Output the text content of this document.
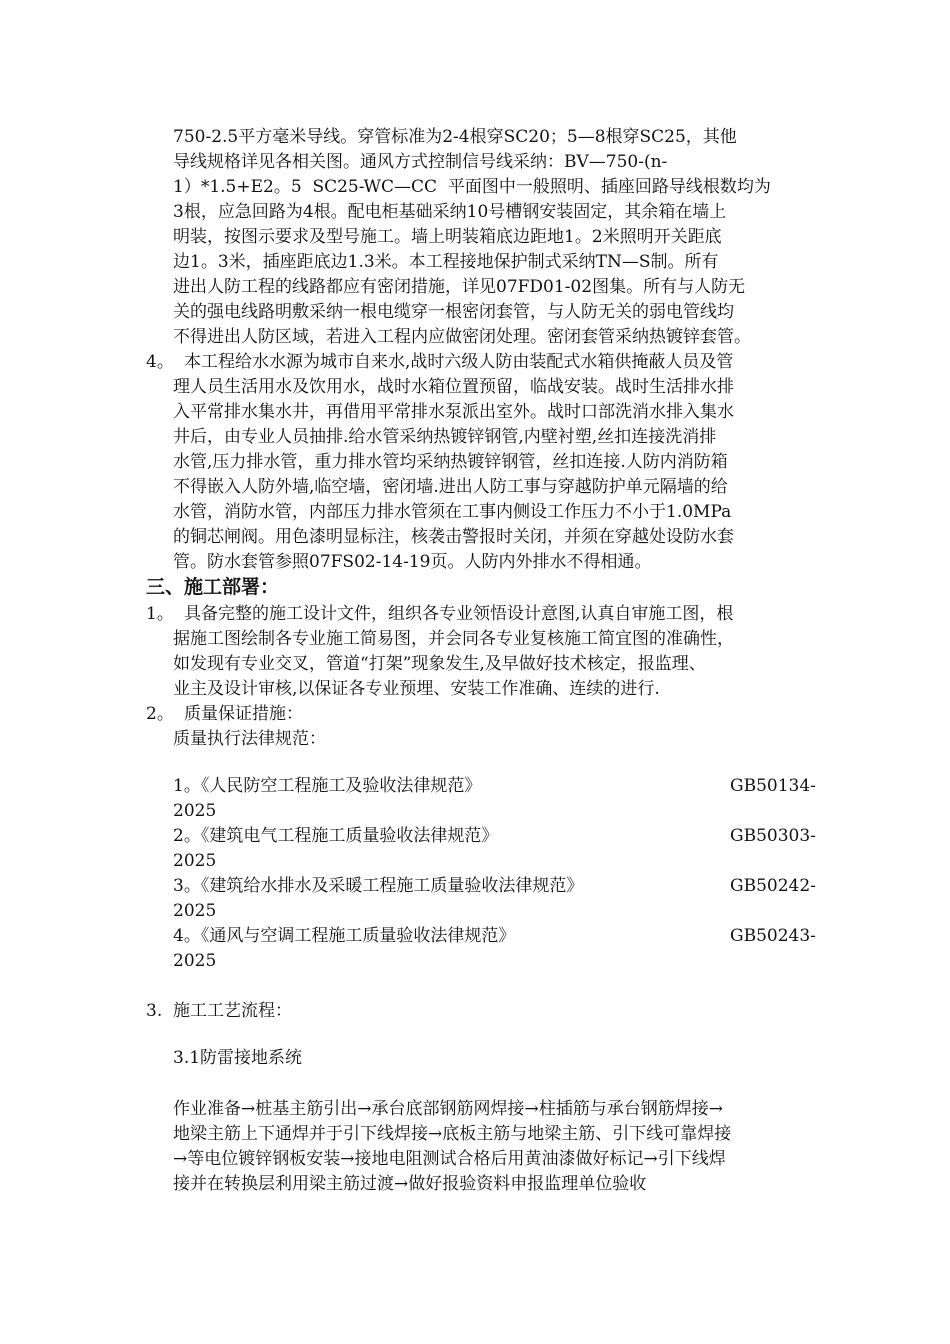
750-2.5平方毫米导线。穿管标准为2-4根穿SC20；5—8根穿SC25，其他
导线规格详见各相关图。通风方式控制信号线采纳：BV—750-(n-
1）*1.5+E2。5  SC25-WC—CC  平面图中一般照明、插座回路导线根数均为
3根，应急回路为4根。配电柜基础采纳10号槽钢安装固定，其余箱在墙上
明装，按图示要求及型号施工。墙上明装箱底边距地1。2米照明开关距底
边1。3米，插座距底边1.3米。本工程接地保护制式采纳TN—S制。所有
进出人防工程的线路都应有密闭措施，详见07FD01-02图集。所有与人防无
关的强电线路明敷采纳一根电缆穿一根密闭套管，与人防无关的弱电管线均
不得进出人防区域，若进入工程内应做密闭处理。密闭套管采纳热镀锌套管。
4。 本工程给水水源为城市自来水,战时六级人防由装配式水箱供掩蔽人员及管
理人员生活用水及饮用水，战时水箱位置预留，临战安装。战时生活排水排
入平常排水集水井，再借用平常排水泵派出室外。战时口部洗消水排入集水
井后，由专业人员抽排.给水管采纳热镀锌钢管,内壁衬塑,丝扣连接洗消排
水管,压力排水管，重力排水管均采纳热镀锌钢管，丝扣连接.人防内消防箱
不得嵌入人防外墙,临空墙，密闭墙.进出人防工事与穿越防护单元隔墙的给
水管，消防水管，内部压力排水管须在工事内侧设工作压力不小于1.0MPa
的铜芯闸阀。用色漆明显标注，核袭击警报时关闭，并须在穿越处设防水套
管。防水套管参照07FS02-14-19页。人防内外排水不得相通。
三、施工部署：
1。 具备完整的施工设计文件，组织各专业领悟设计意图,认真自审施工图，根
据施工图绘制各专业施工简易图，并会同各专业复核施工简宜图的准确性，
如发现有专业交叉，管道“打架”现象发生,及早做好技术核定，报监理、
业主及设计审核,以保证各专业预埋、安装工作准确、连续的进行.
2。 质量保证措施：
质量执行法律规范：
1。《人民防空工程施工及验收法律规范》	GB50134-
2025
2。《建筑电气工程施工质量验收法律规范》	GB50303-
2025
3。《建筑给水排水及采暖工程施工质量验收法律规范》	GB50242-
2025
4。《通风与空调工程施工质量验收法律规范》	GB50243-
2025
3. 施工工艺流程：
3.1防雷接地系统
作业准备→桩基主筋引出→承台底部钢筋网焊接→柱插筋与承台钢筋焊接→
地梁主筋上下通焊并于引下线焊接→底板主筋与地梁主筋、引下线可靠焊接
→等电位镀锌钢板安装→接地电阻测试合格后用黄油漆做好标记→引下线焊
接并在转换层利用梁主筋过渡→做好报验资料申报监理单位验收
